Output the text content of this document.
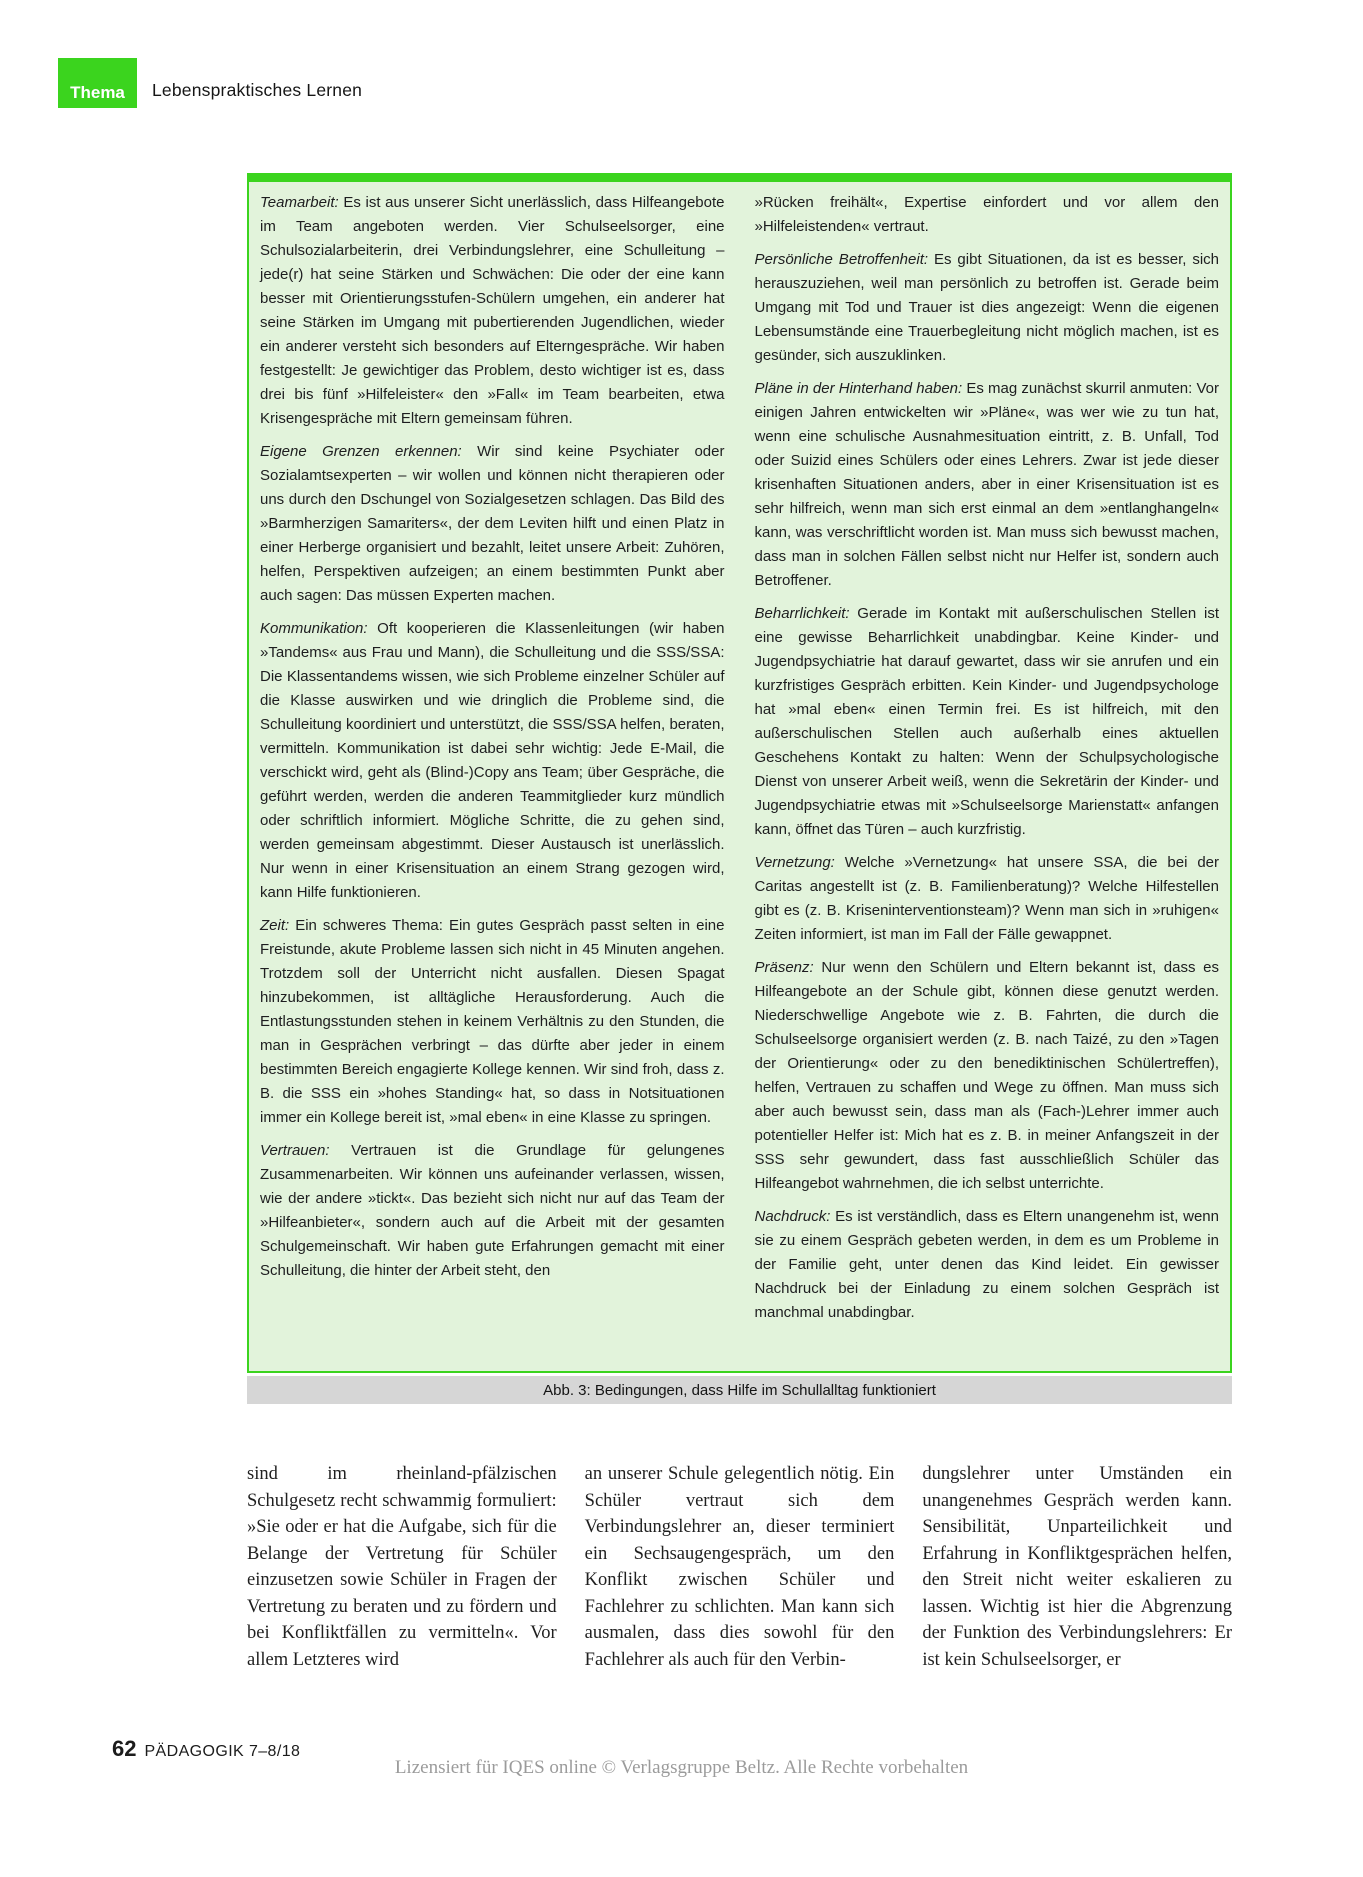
Thema Lebenspraktisches Lernen

Teamarbeit: Es ist aus unserer Sicht unerlässlich, dass Hilfeangebote im Team angeboten werden. Vier Schulseelsorger, eine Schulsozialarbeiterin, drei Verbindungslehrer, eine Schulleitung – jede(r) hat seine Stärken und Schwächen: Die oder der eine kann besser mit Orientierungsstufen-Schülern umgehen, ein anderer hat seine Stärken im Umgang mit pubertierenden Jugendlichen, wieder ein anderer versteht sich besonders auf Elterngespräche. Wir haben festgestellt: Je gewichtiger das Problem, desto wichtiger ist es, dass drei bis fünf »Hilfeleister« den »Fall« im Team bearbeiten, etwa Krisengespräche mit Eltern gemeinsam führen.

Eigene Grenzen erkennen: Wir sind keine Psychiater oder Sozialamtsexperten – wir wollen und können nicht therapieren oder uns durch den Dschungel von Sozialgesetzen schlagen. Das Bild des »Barmherzigen Samariters«, der dem Leviten hilft und einen Platz in einer Herberge organisiert und bezahlt, leitet unsere Arbeit: Zuhören, helfen, Perspektiven aufzeigen; an einem bestimmten Punkt aber auch sagen: Das müssen Experten machen.

Kommunikation: Oft kooperieren die Klassenleitungen (wir haben »Tandems« aus Frau und Mann), die Schulleitung und die SSS/SSA: Die Klassentandems wissen, wie sich Probleme einzelner Schüler auf die Klasse auswirken und wie dringlich die Probleme sind, die Schulleitung koordiniert und unterstützt, die SSS/SSA helfen, beraten, vermitteln. Kommunikation ist dabei sehr wichtig: Jede E-Mail, die verschickt wird, geht als (Blind-)Copy ans Team; über Gespräche, die geführt werden, werden die anderen Teammitglieder kurz mündlich oder schriftlich informiert. Mögliche Schritte, die zu gehen sind, werden gemeinsam abgestimmt. Dieser Austausch ist unerlässlich. Nur wenn in einer Krisensituation an einem Strang gezogen wird, kann Hilfe funktionieren.

Zeit: Ein schweres Thema: Ein gutes Gespräch passt selten in eine Freistunde, akute Probleme lassen sich nicht in 45 Minuten angehen. Trotzdem soll der Unterricht nicht ausfallen. Diesen Spagat hinzubekommen, ist alltägliche Herausforderung. Auch die Entlastungsstunden stehen in keinem Verhältnis zu den Stunden, die man in Gesprächen verbringt – das dürfte aber jeder in einem bestimmten Bereich engagierte Kollege kennen. Wir sind froh, dass z. B. die SSS ein »hohes Standing« hat, so dass in Notsituationen immer ein Kollege bereit ist, »mal eben« in eine Klasse zu springen.

Vertrauen: Vertrauen ist die Grundlage für gelungenes Zusammenarbeiten. Wir können uns aufeinander verlassen, wissen, wie der andere »tickt«. Das bezieht sich nicht nur auf das Team der »Hilfeanbieter«, sondern auch auf die Arbeit mit der gesamten Schulgemeinschaft. Wir haben gute Erfahrungen gemacht mit einer Schulleitung, die hinter der Arbeit steht, den

»Rücken freihält«, Expertise einfordert und vor allem den »Hilfeleistenden« vertraut.

Persönliche Betroffenheit: Es gibt Situationen, da ist es besser, sich herauszuziehen, weil man persönlich zu betroffen ist. Gerade beim Umgang mit Tod und Trauer ist dies angezeigt: Wenn die eigenen Lebensumstände eine Trauerbegleitung nicht möglich machen, ist es gesünder, sich auszuklinken.

Pläne in der Hinterhand haben: Es mag zunächst skurril anmuten: Vor einigen Jahren entwickelten wir »Pläne«, was wer wie zu tun hat, wenn eine schulische Ausnahmesituation eintritt, z. B. Unfall, Tod oder Suizid eines Schülers oder eines Lehrers. Zwar ist jede dieser krisenhaften Situationen anders, aber in einer Krisensituation ist es sehr hilfreich, wenn man sich erst einmal an dem »entlanghangeln« kann, was verschriftlicht worden ist. Man muss sich bewusst machen, dass man in solchen Fällen selbst nicht nur Helfer ist, sondern auch Betroffener.

Beharrlichkeit: Gerade im Kontakt mit außerschulischen Stellen ist eine gewisse Beharrlichkeit unabdingbar. Keine Kinder- und Jugendpsychiatrie hat darauf gewartet, dass wir sie anrufen und ein kurzfristiges Gespräch erbitten. Kein Kinder- und Jugendpsychologe hat »mal eben« einen Termin frei. Es ist hilfreich, mit den außerschulischen Stellen auch außerhalb eines aktuellen Geschehens Kontakt zu halten: Wenn der Schulpsychologische Dienst von unserer Arbeit weiß, wenn die Sekretärin der Kinder- und Jugendpsychiatrie etwas mit »Schulseelsorge Marienstatt« anfangen kann, öffnet das Türen – auch kurzfristig.

Vernetzung: Welche »Vernetzung« hat unsere SSA, die bei der Caritas angestellt ist (z. B. Familienberatung)? Welche Hilfestellen gibt es (z. B. Kriseninterventionsteam)? Wenn man sich in »ruhigen« Zeiten informiert, ist man im Fall der Fälle gewappnet.

Präsenz: Nur wenn den Schülern und Eltern bekannt ist, dass es Hilfeangebote an der Schule gibt, können diese genutzt werden. Niederschwellige Angebote wie z. B. Fahrten, die durch die Schulseelsorge organisiert werden (z. B. nach Taizé, zu den »Tagen der Orientierung« oder zu den benediktinischen Schülertreffen), helfen, Vertrauen zu schaffen und Wege zu öffnen. Man muss sich aber auch bewusst sein, dass man als (Fach-)Lehrer immer auch potentieller Helfer ist: Mich hat es z. B. in meiner Anfangszeit in der SSS sehr gewundert, dass fast ausschließlich Schüler das Hilfeangebot wahrnehmen, die ich selbst unterrichte.

Nachdruck: Es ist verständlich, dass es Eltern unangenehm ist, wenn sie zu einem Gespräch gebeten werden, in dem es um Probleme in der Familie geht, unter denen das Kind leidet. Ein gewisser Nachdruck bei der Einladung zu einem solchen Gespräch ist manchmal unabdingbar.

Abb. 3: Bedingungen, dass Hilfe im Schullalltag funktioniert
sind im rheinland-pfälzischen Schulgesetz recht schwammig formuliert: »Sie oder er hat die Aufgabe, sich für die Belange der Vertretung für Schüler einzusetzen sowie Schüler in Fragen der Vertretung zu beraten und zu fördern und bei Konfliktfällen zu vermitteln«. Vor allem Letzteres wird
an unserer Schule gelegentlich nötig. Ein Schüler vertraut sich dem Verbindungslehrer an, dieser terminiert ein Sechsaugengespräch, um den Konflikt zwischen Schüler und Fachlehrer zu schlichten. Man kann sich ausmalen, dass dies sowohl für den Fachlehrer als auch für den Verbin-
dungslehrer unter Umständen ein unangenehmes Gespräch werden kann. Sensibilität, Unparteilichkeit und Erfahrung in Konfliktgesprächen helfen, den Streit nicht weiter eskalieren zu lassen. Wichtig ist hier die Abgrenzung der Funktion des Verbindungslehrers: Er ist kein Schulseelsorger, er
62 PÄDAGOGIK 7–8/18
Lizensiert für IQES online © Verlagsgruppe Beltz. Alle Rechte vorbehalten
